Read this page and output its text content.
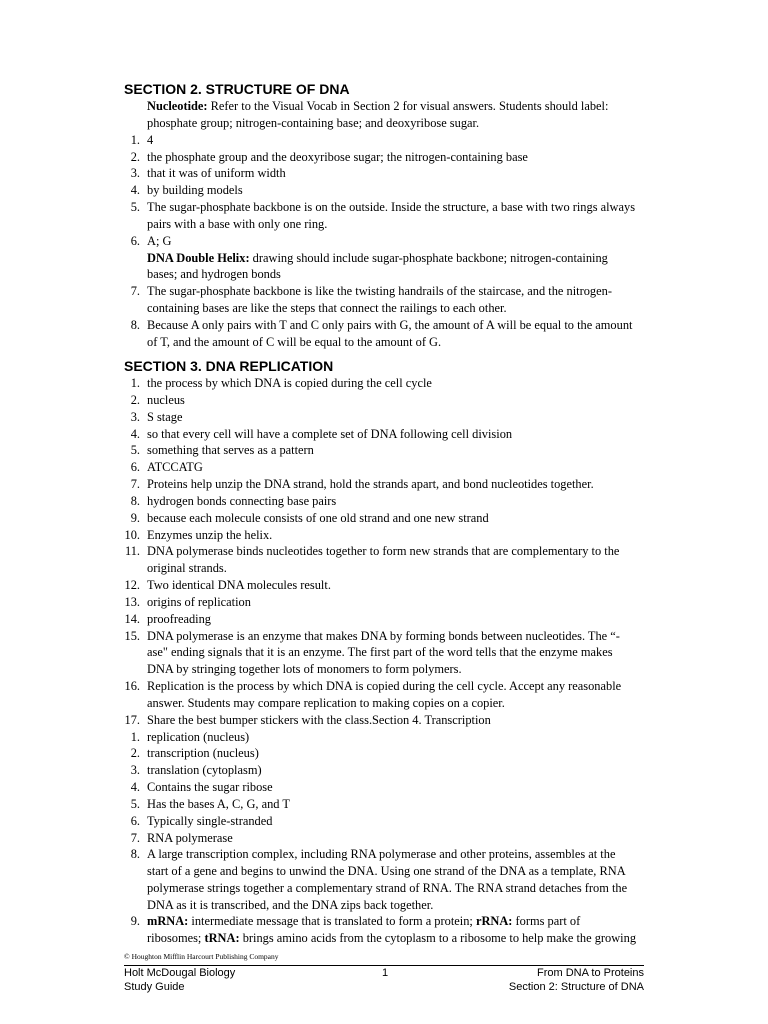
SECTION 2. STRUCTURE OF DNA
Nucleotide: Refer to the Visual Vocab in Section 2 for visual answers. Students should label:
phosphate group; nitrogen-containing base; and deoxyribose sugar.
1. 4
2. the phosphate group and the deoxyribose sugar; the nitrogen-containing base
3. that it was of uniform width
4. by building models
5. The sugar-phosphate backbone is on the outside. Inside the structure, a base with two rings always
pairs with a base with only one ring.
6. A; G
DNA Double Helix: drawing should include sugar-phosphate backbone; nitrogen-containing
bases; and hydrogen bonds
7. The sugar-phosphate backbone is like the twisting handrails of the staircase, and the nitrogen-
containing bases are like the steps that connect the railings to each other.
8. Because A only pairs with T and C only pairs with G, the amount of A will be equal to the amount
of T, and the amount of C will be equal to the amount of G.
SECTION 3. DNA REPLICATION
1. the process by which DNA is copied during the cell cycle
2. nucleus
3. S stage
4. so that every cell will have a complete set of DNA following cell division
5. something that serves as a pattern
6. ATCCATG
7. Proteins help unzip the DNA strand, hold the strands apart, and bond nucleotides together.
8. hydrogen bonds connecting base pairs
9. because each molecule consists of one old strand and one new strand
10. Enzymes unzip the helix.
11. DNA polymerase binds nucleotides together to form new strands that are complementary to the
original strands.
12. Two identical DNA molecules result.
13. origins of replication
14. proofreading
15. DNA polymerase is an enzyme that makes DNA by forming bonds between nucleotides. The “-
ase" ending signals that it is an enzyme. The first part of the word tells that the enzyme makes
DNA by stringing together lots of monomers to form polymers.
16. Replication is the process by which DNA is copied during the cell cycle. Accept any reasonable
answer. Students may compare replication to making copies on a copier.
17. Share the best bumper stickers with the class.Section 4. Transcription
1. replication (nucleus)
2. transcription (nucleus)
3. translation (cytoplasm)
4. Contains the sugar ribose
5. Has the bases A, C, G, and T
6. Typically single-stranded
7. RNA polymerase
8. A large transcription complex, including RNA polymerase and other proteins, assembles at the
start of a gene and begins to unwind the DNA. Using one strand of the DNA as a template, RNA
polymerase strings together a complementary strand of RNA. The RNA strand detaches from the
DNA as it is transcribed, and the DNA zips back together.
9. mRNA: intermediate message that is translated to form a protein; rRNA: forms part of
ribosomes; tRNA: brings amino acids from the cytoplasm to a ribosome to help make the growing
© Houghton Mifflin Harcourt Publishing Company
Holt McDougal Biology
Study Guide
1	From DNA to Proteins
Section 2: Structure of DNA
